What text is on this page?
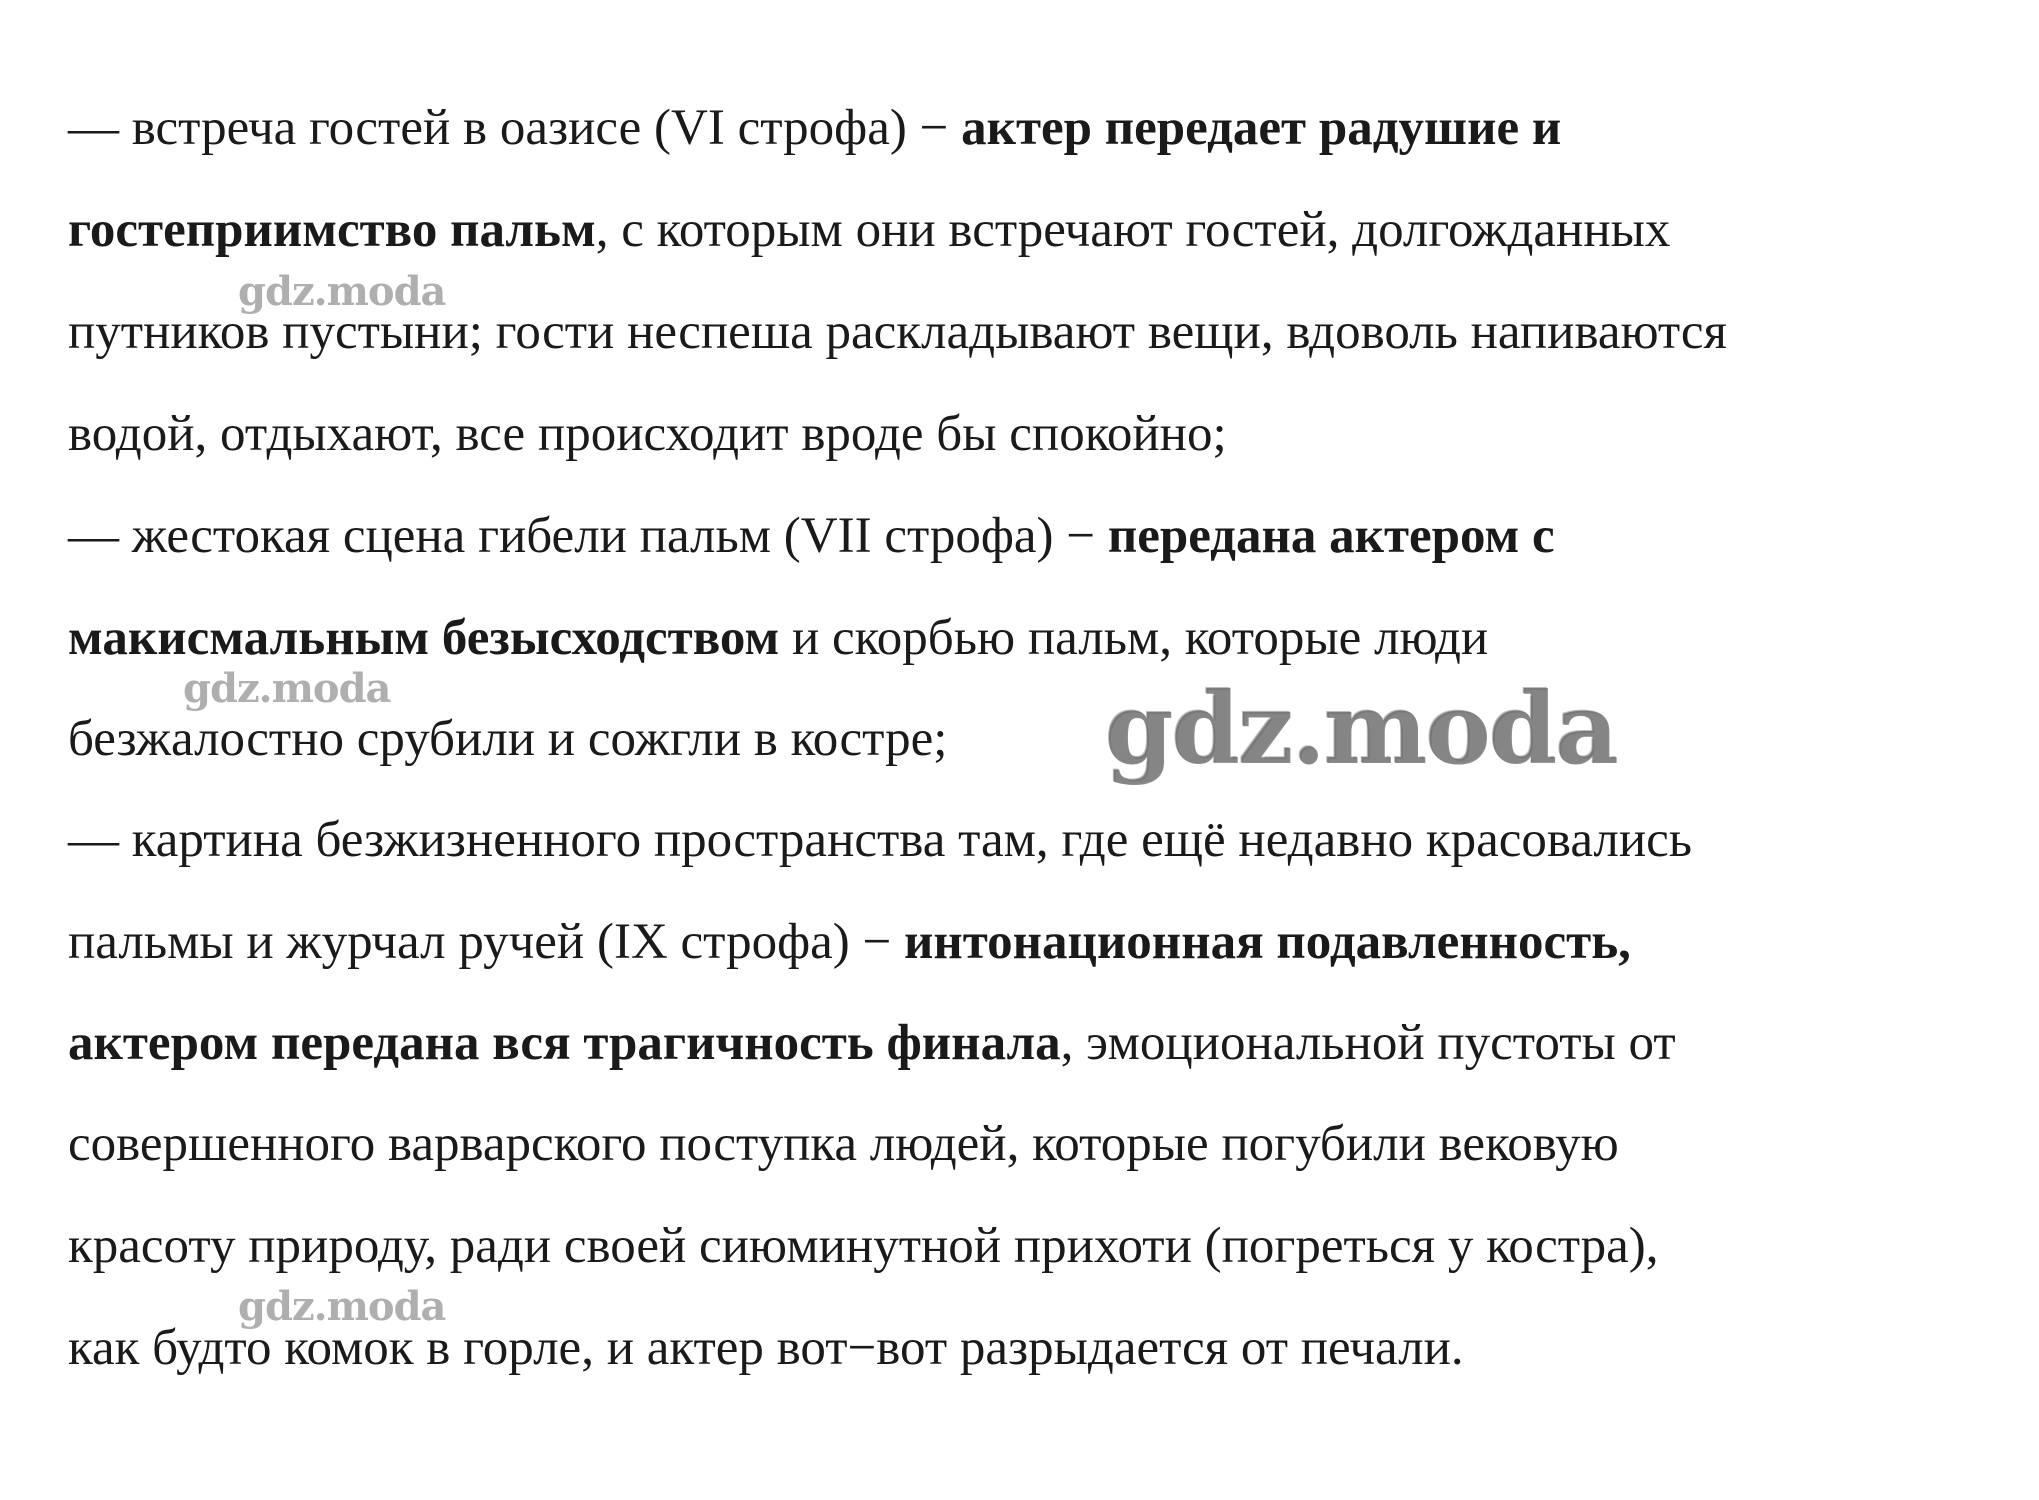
— встреча гостей в оазисе (VI строфа) − актер передает радушие и
гостеприимство пальм, с которым они встречают гостей, долгожданных
путников пустыни; гости неспеша раскладывают вещи, вдоволь напиваются
водой, отдыхают, все происходит вроде бы спокойно;
— жестокая сцена гибели пальм (VII строфа) − передана актером с
макисмальным безысходством и скорбью пальм, которые люди
безжалостно срубили и сожгли в костре;
— картина безжизненного пространства там, где ещё недавно красовались
пальмы и журчал ручей (IX строфа) − интонационная подавленность,
актером передана вся трагичность финала, эмоциональной пустоты от
совершенного варварского поступка людей, которые погубили вековую
красоту природу, ради своей сиюминутной прихоти (погреться у костра),
как будто комок в горле, и актер вот−вот разрыдается от печали.
gdz.moda
gdz.moda	gdz.moda
gdz.moda
